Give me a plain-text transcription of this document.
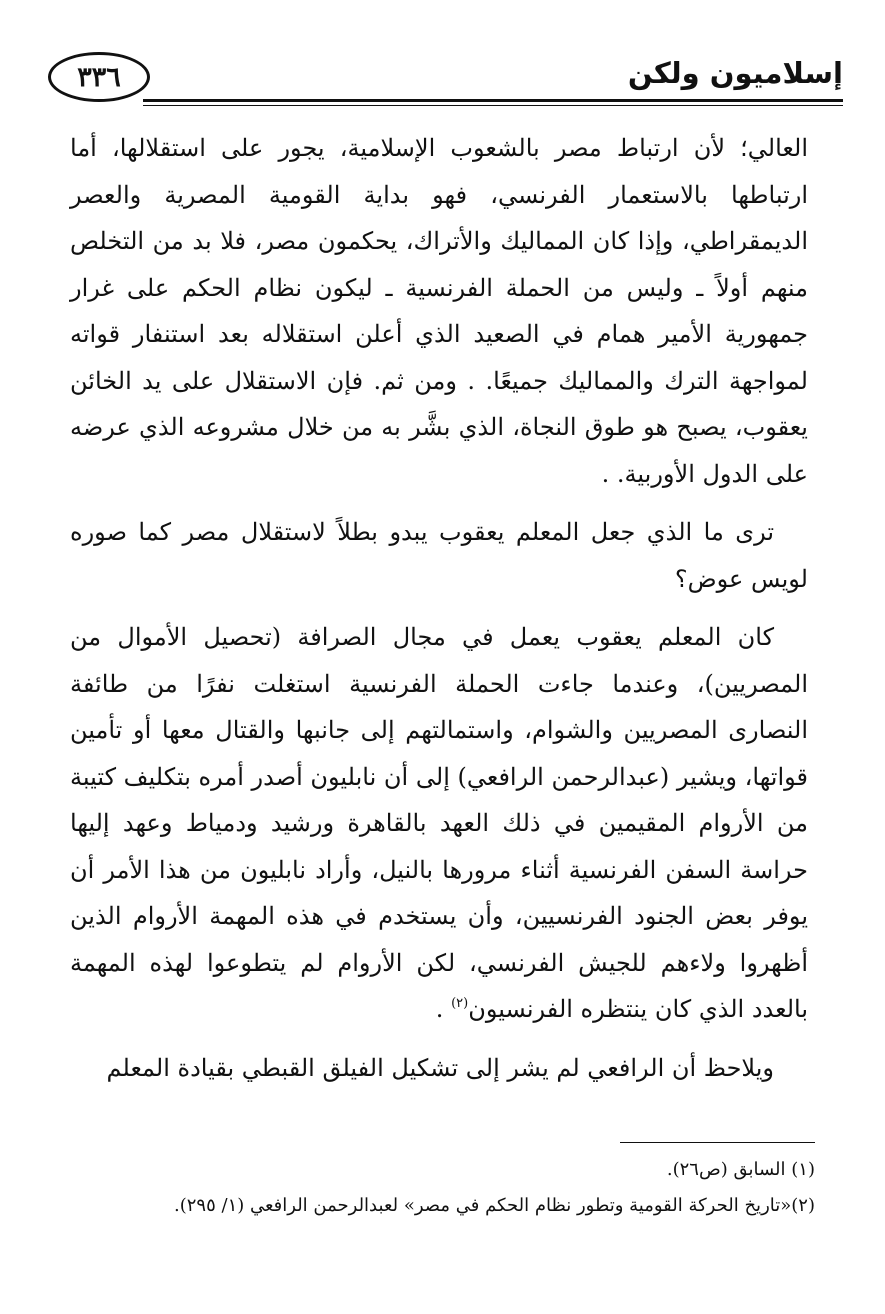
٣٣٦	إسلاميون ولكن

العالي؛ لأن ارتباط مصر بالشعوب الإسلامية، يجور على استقلالها، أما ارتباطها بالاستعمار الفرنسي، فهو بداية القومية المصرية والعصر الديمقراطي، وإذا كان المماليك والأتراك، يحكمون مصر، فلا بد من التخلص منهم أولاً ـ وليس من الحملة الفرنسية ـ ليكون نظام الحكم على غرار جمهورية الأمير همام في الصعيد الذي أعلن استقلاله بعد استنفار قواته لمواجهة الترك والمماليك جميعًا. . ومن ثم. فإن الاستقلال على يد الخائن يعقوب، يصبح هو طوق النجاة، الذي بشَّر به من خلال مشروعه الذي عرضه على الدول الأوربية. .

ترى ما الذي جعل المعلم يعقوب يبدو بطلاً لاستقلال مصر كما صوره لويس عوض؟

كان المعلم يعقوب يعمل في مجال الصرافة (تحصيل الأموال من المصريين)، وعندما جاءت الحملة الفرنسية استغلت نفرًا من طائفة النصارى المصريين والشوام، واستمالتهم إلى جانبها والقتال معها أو تأمين قواتها، ويشير (عبدالرحمن الرافعي) إلى أن نابليون أصدر أمره بتكليف كتيبة من الأروام المقيمين في ذلك العهد بالقاهرة ورشيد ودمياط وعهد إليها حراسة السفن الفرنسية أثناء مرورها بالنيل، وأراد نابليون من هذا الأمر أن يوفر بعض الجنود الفرنسيين، وأن يستخدم في هذه المهمة الأروام الذين أظهروا ولاءهم للجيش الفرنسي، لكن الأروام لم يتطوعوا لهذه المهمة بالعدد الذي كان ينتظره الفرنسيون$^{(٢)}$ .

ويلاحظ أن الرافعي لم يشر إلى تشكيل الفيلق القبطي بقيادة المعلم

(١) السابق (ص٢٦).
(٢)«تاريخ الحركة القومية وتطور نظام الحكم في مصر» لعبدالرحمن الرافعي (١/ ٢٩٥).
